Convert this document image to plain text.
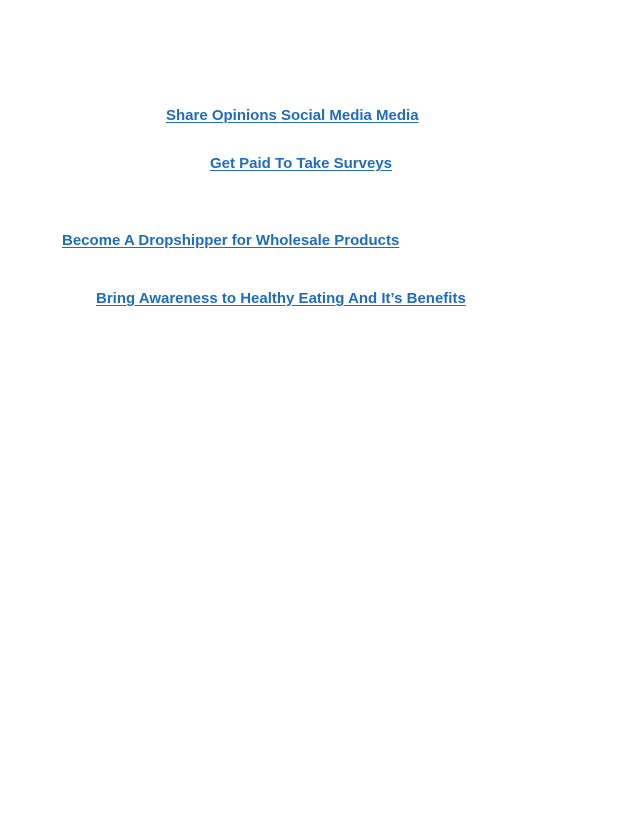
Share Opinions Social Media Media
Get Paid To Take Surveys
Become A Dropshipper for Wholesale Products
Bring Awareness to Healthy Eating And It’s Benefits
